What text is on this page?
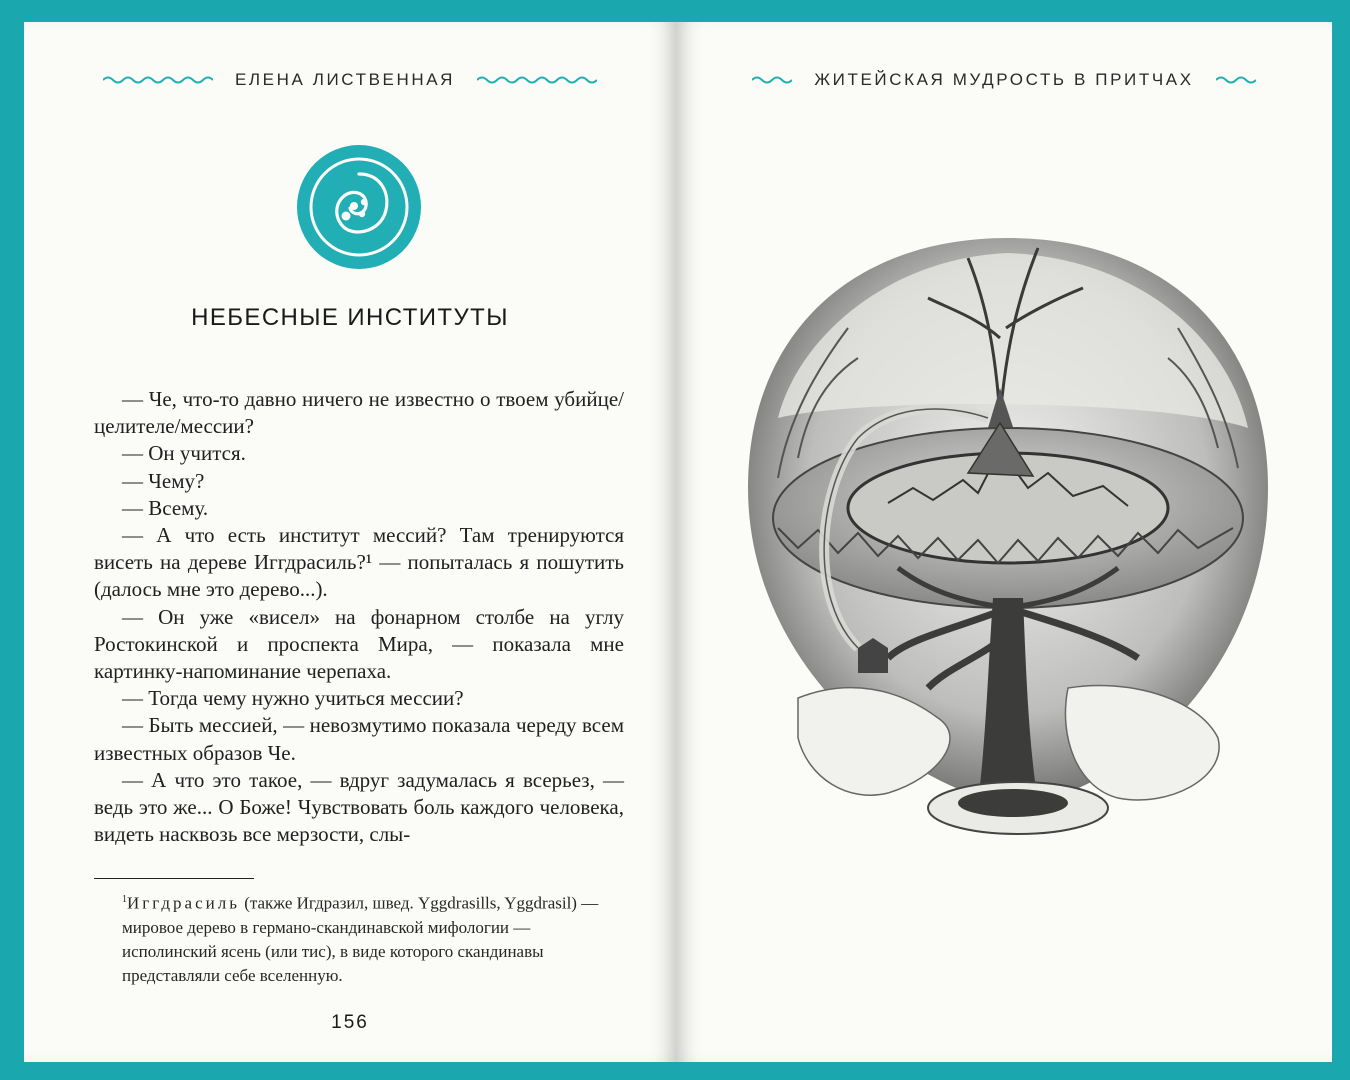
ЕЛЕНА ЛИСТВЕННАЯ
НЕБЕСНЫЕ ИНСТИТУТЫ

— Че, что-то давно ничего не известно о твоем убийце/целителе/мессии?

— Он учится.

— Чему?

— Всему.

— А что есть институт мессий? Там тренируются висеть на дереве Иггдрасиль?¹ — попыталась я пошутить (далось мне это дерево...).

— Он уже «висел» на фонарном столбе на углу Ростокинской и проспекта Мира, — показала мне картинку-напоминание черепаха.

— Тогда чему нужно учиться мессии?

— Быть мессией, — невозмутимо показала череду всем известных образов Че.

— А что это такое, — вдруг задумалась я всерьез, — ведь это же... О Боже! Чувствовать боль каждого человека, видеть насквозь все мерзости, слы-

$^1$Иггдрасиль (также Игдразил, швед. Yggdrasills, Yggdrasil) — мировое дерево в германо-скандинавской мифологии — исполинский ясень (или тис), в виде которого скандинавы представляли себе вселенную.
156
ЖИТЕЙСКАЯ МУДРОСТЬ В ПРИТЧАХ
